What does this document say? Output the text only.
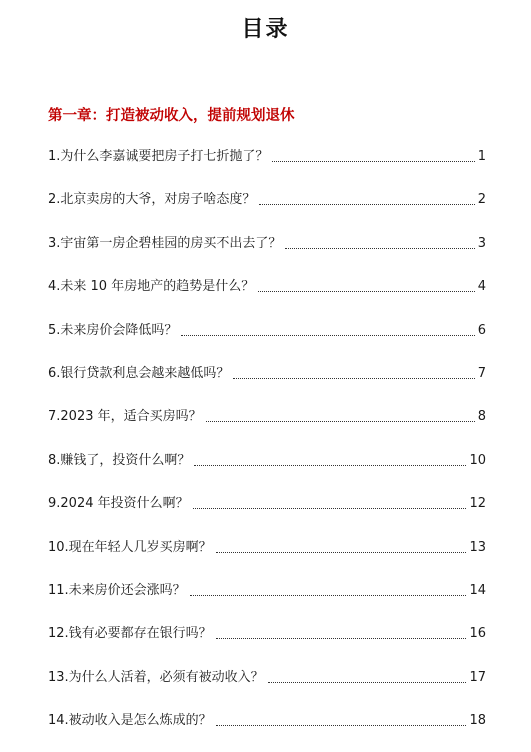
目录
第一章：打造被动收入，提前规划退休
1.为什么李嘉诚要把房子打七折抛了？	1
2.北京卖房的大爷，对房子啥态度？	2
3.宇宙第一房企碧桂园的房买不出去了？	3
4.未来 10 年房地产的趋势是什么？	4
5.未来房价会降低吗？	6
6.银行贷款利息会越来越低吗？	7
7.2023 年，适合买房吗？	8
8.赚钱了，投资什么啊？	10
9.2024 年投资什么啊？	12
10.现在年轻人几岁买房啊？	13
11.未来房价还会涨吗？	14
12.钱有必要都存在银行吗？	16
13.为什么人活着，必须有被动收入？	17
14.被动收入是怎么炼成的？	18
